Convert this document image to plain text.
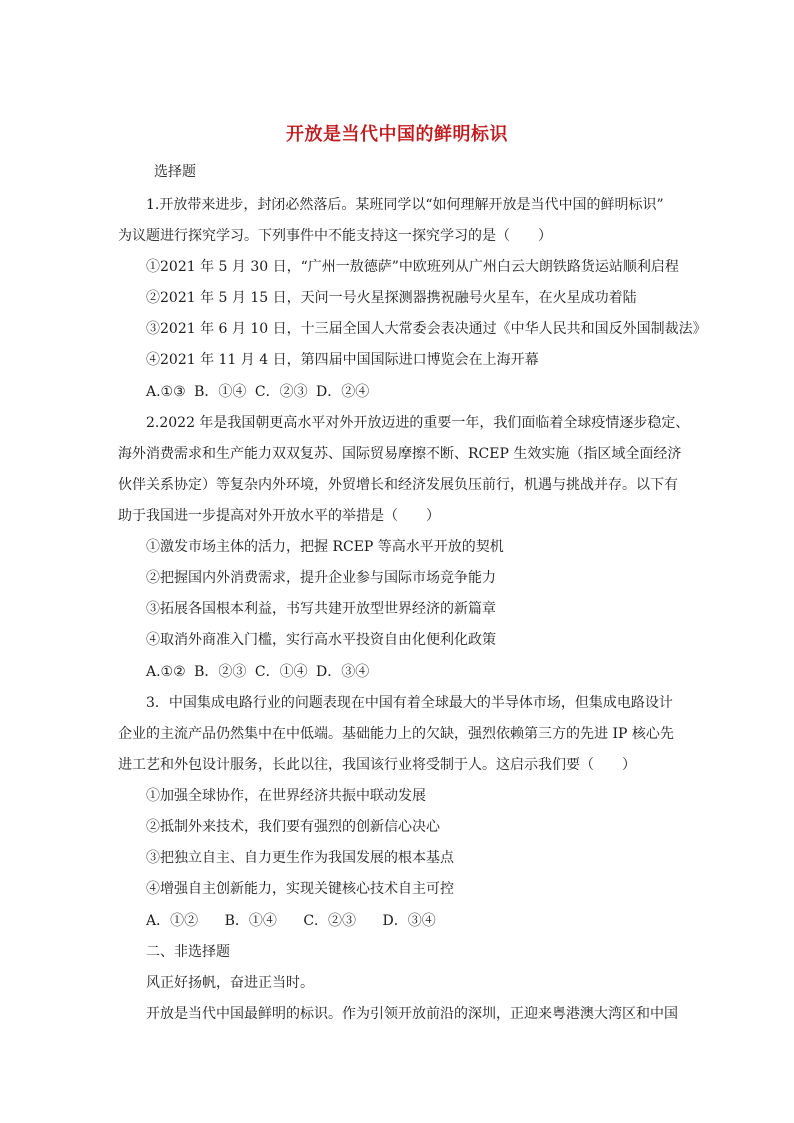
开放是当代中国的鲜明标识
选择题
1.开放带来进步，封闭必然落后。某班同学以“如何理解开放是当代中国的鲜明标识”
为议题进行探究学习。下列事件中不能支持这一探究学习的是（　　）
①2021 年 5 月 30 日，“广州一敖德萨”中欧班列从广州白云大朗铁路货运站顺利启程
②2021 年 5 月 15 日，天问一号火星探测器携祝融号火星车，在火星成功着陆
③2021 年 6 月 10 日，十三届全国人大常委会表决通过《中华人民共和国反外国制裁法》
④2021 年 11 月 4 日，第四届中国国际进口博览会在上海开幕
A.①③ B．①④ C．②③ D．②④
2.2022 年是我国朝更高水平对外开放迈进的重要一年，我们面临着全球疫情逐步稳定、
海外消费需求和生产能力双双复苏、国际贸易摩擦不断、RCEP 生效实施（指区域全面经济
伙伴关系协定）等复杂内外环境，外贸增长和经济发展负压前行，机遇与挑战并存。以下有
助于我国进一步提高对外开放水平的举措是（　　）
①激发市场主体的活力，把握 RCEP 等高水平开放的契机
②把握国内外消费需求，提升企业参与国际市场竞争能力
③拓展各国根本利益，书写共建开放型世界经济的新篇章
④取消外商准入门槛，实行高水平投资自由化便利化政策
A.①② B．②③ C．①④ D．③④
3．中国集成电路行业的问题表现在中国有着全球最大的半导体市场，但集成电路设计
企业的主流产品仍然集中在中低端。基础能力上的欠缺，强烈依赖第三方的先进 IP 核心先
进工艺和外包设计服务，长此以往，我国该行业将受制于人。这启示我们要（　　）
①加强全球协作，在世界经济共振中联动发展
②抵制外来技术，我们要有强烈的创新信心决心
③把独立自主、自力更生作为我国发展的根本基点
④增强自主创新能力，实现关键核心技术自主可控
A．①② B．①④ C．②③ D．③④
二、非选择题
风正好扬帆，奋进正当时。
开放是当代中国最鲜明的标识。作为引领开放前沿的深圳，正迎来粤港澳大湾区和中国
